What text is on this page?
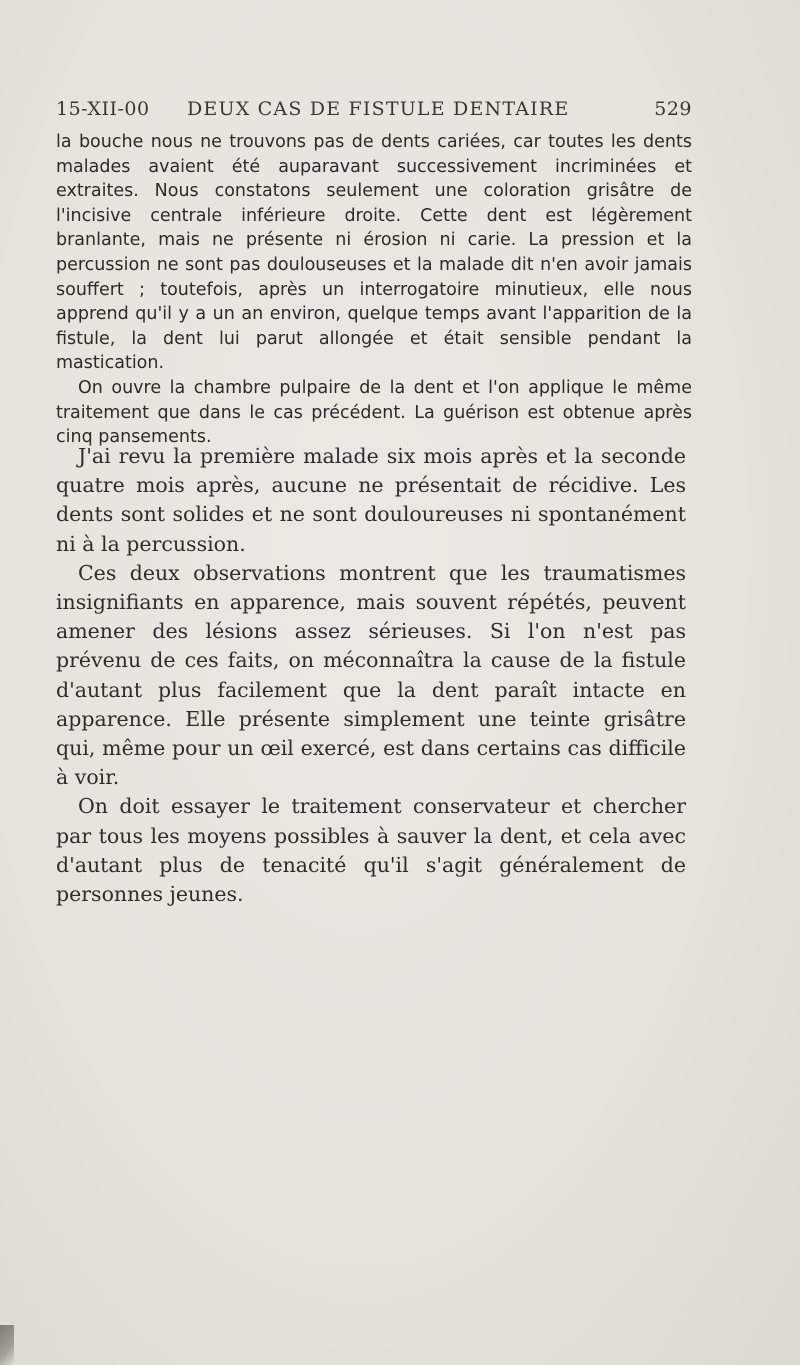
15-XII-00 DEUX CAS DE FISTULE DENTAIRE	529

la bouche nous ne trouvons pas de dents cariées, car toutes les dents malades avaient été auparavant successivement incriminées et extraites. Nous constatons seulement une coloration grisâtre de l'incisive centrale inférieure droite. Cette dent est légèrement branlante, mais ne présente ni érosion ni carie. La pression et la percussion ne sont pas doulouseuses et la malade dit n'en avoir jamais souffert ; toutefois, après un interrogatoire minutieux, elle nous apprend qu'il y a un an environ, quelque temps avant l'apparition de la fistule, la dent lui parut allongée et était sensible pendant la mastication.

On ouvre la chambre pulpaire de la dent et l'on applique le même traitement que dans le cas précédent. La guérison est obtenue après cinq pansements.

J'ai revu la première malade six mois après et la seconde quatre mois après, aucune ne présentait de récidive. Les dents sont solides et ne sont douloureuses ni spontanément ni à la percussion.

Ces deux observations montrent que les traumatismes insignifiants en apparence, mais souvent répétés, peuvent amener des lésions assez sérieuses. Si l'on n'est pas prévenu de ces faits, on méconnaîtra la cause de la fistule d'autant plus facilement que la dent paraît intacte en apparence. Elle présente simplement une teinte grisâtre qui, même pour un œil exercé, est dans certains cas difficile à voir.

On doit essayer le traitement conservateur et chercher par tous les moyens possibles à sauver la dent, et cela avec d'autant plus de tenacité qu'il s'agit généralement de personnes jeunes.
